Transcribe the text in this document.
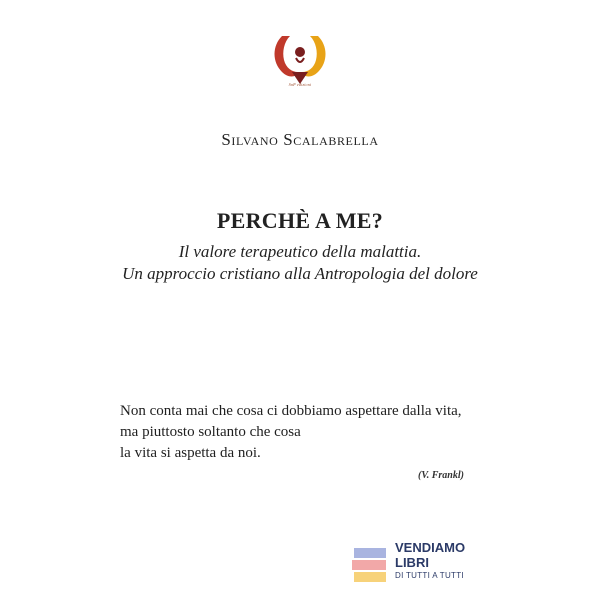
SnP edizioni
Silvano Scalabrella
PERCHÈ A ME?
Il valore terapeutico della malattia.
Un approccio cristiano alla Antropologia del dolore
Non conta mai che cosa ci dobbiamo aspettare dalla vita,
ma piuttosto soltanto che cosa
la vita si aspetta da noi.
(V. Frankl)
VENDIAMO
LIBRI
DI TUTTI A TUTTI
